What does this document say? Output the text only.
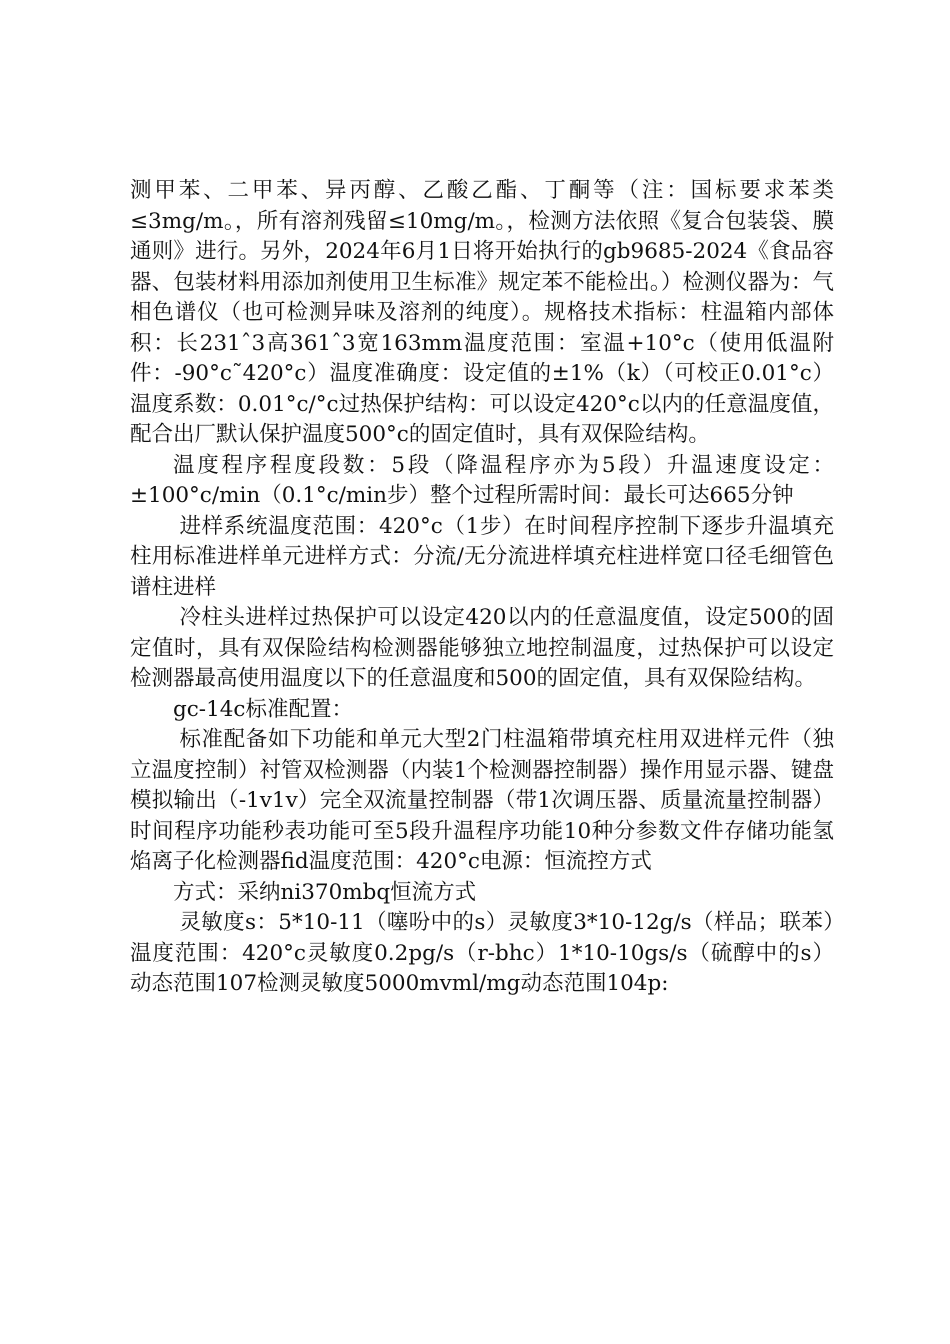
测甲苯、二甲苯、异丙醇、乙酸乙酯、丁酮等（注：国标要求苯类≤3mg/m。，所有溶剂残留≤10mg/m。，检测方法依照《复合包装袋、膜通则》进行。另外，2024年6月1日将开始执行的gb9685-2024《食品容器、包装材料用添加剂使用卫生标准》规定苯不能检出。）检测仪器为：气相色谱仪（也可检测异味及溶剂的纯度）。规格技术指标：柱温箱内部体积：长231ˆ3高361ˆ3宽163mm温度范围：室温+10°c（使用低温附件：-90°c˜420°c）温度准确度：设定值的±1%（k）（可校正0.01°c）温度系数：0.01°c/°c过热保护结构：可以设定420°c以内的任意温度值，配合出厂默认保护温度500°c的固定值时，具有双保险结构。

温度程序程度段数：5段（降温程序亦为5段）升温速度设定：±100°c/min（0.1°c/min步）整个过程所需时间：最长可达665分钟

进样系统温度范围：420°c（1步）在时间程序控制下逐步升温填充柱用标准进样单元进样方式：分流/无分流进样填充柱进样宽口径毛细管色谱柱进样

冷柱头进样过热保护可以设定420以内的任意温度值，设定500的固定值时，具有双保险结构检测器能够独立地控制温度，过热保护可以设定检测器最高使用温度以下的任意温度和500的固定值，具有双保险结构。

gc-14c标准配置：

标准配备如下功能和单元大型2门柱温箱带填充柱用双进样元件（独立温度控制）衬管双检测器（内装1个检测器控制器）操作用显示器、键盘模拟输出（-1v1v）完全双流量控制器（带1次调压器、质量流量控制器）时间程序功能秒表功能可至5段升温程序功能10种分参数文件存储功能氢焰离子化检测器fid温度范围：420°c电源：恒流控方式

方式：采纳ni370mbq恒流方式

灵敏度s：5*10-11（噻吩中的s）灵敏度3*10-12g/s（样品；联苯）温度范围：420°c灵敏度0.2pg/s（r-bhc）1*10-10gs/s（硫醇中的s）动态范围107检测灵敏度5000mvml/mg动态范围104p:
